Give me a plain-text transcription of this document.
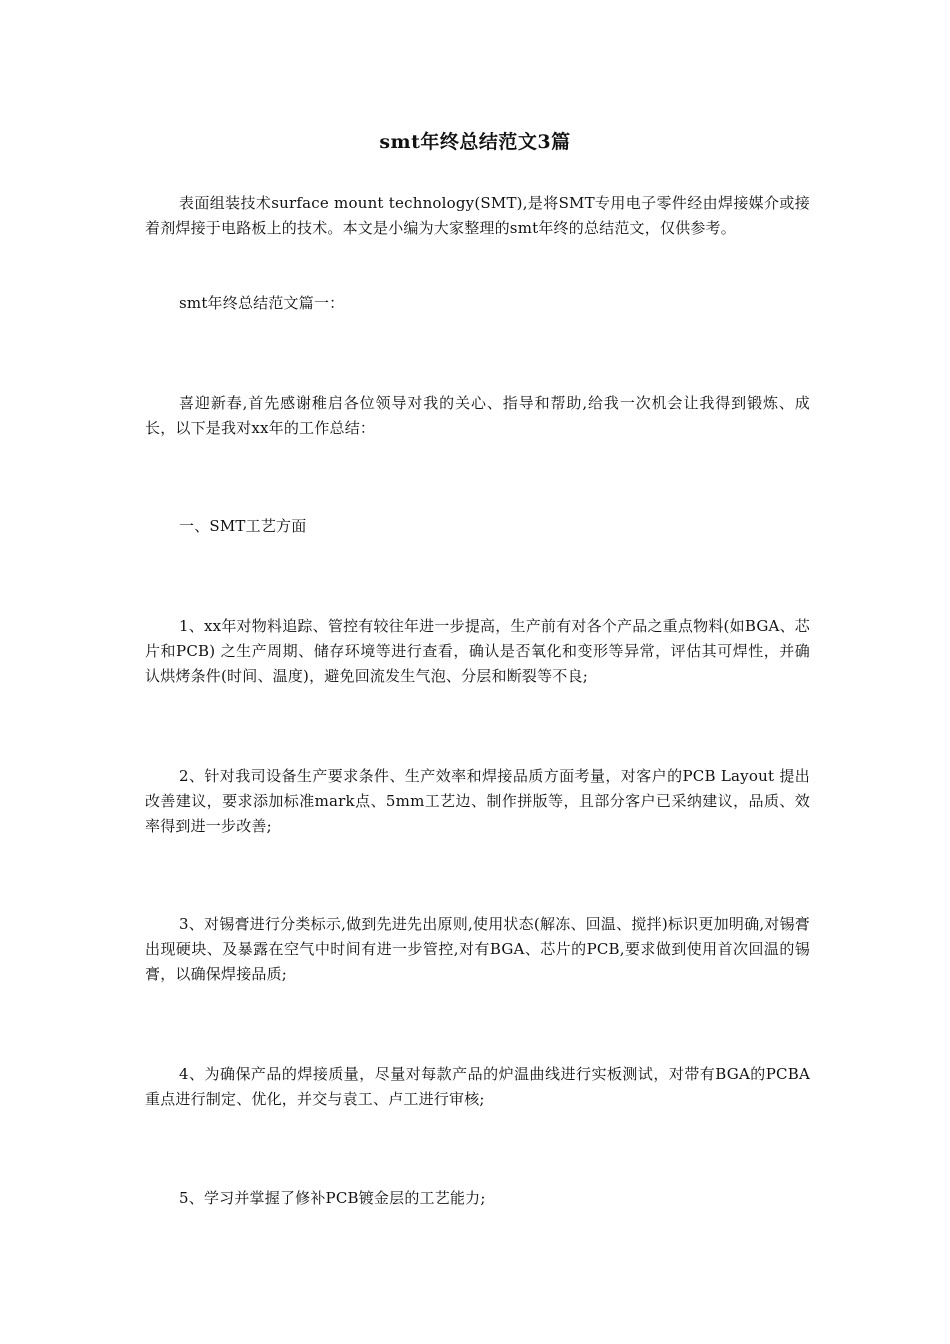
smt年终总结范文3篇
表面组装技术surface mount technology(SMT),是将SMT专用电子零件经由焊接媒介或接着剂焊接于电路板上的技术。本文是小编为大家整理的smt年终的总结范文，仅供参考。
smt年终总结范文篇一：
喜迎新春,首先感谢稚启各位领导对我的关心、指导和帮助,给我一次机会让我得到锻炼、成长，以下是我对xx年的工作总结：
一、SMT工艺方面
1、xx年对物料追踪、管控有较往年进一步提高，生产前有对各个产品之重点物料(如BGA、芯片和PCB) 之生产周期、储存环境等进行查看，确认是否氧化和变形等异常，评估其可焊性，并确认烘烤条件(时间、温度)，避免回流发生气泡、分层和断裂等不良;
2、针对我司设备生产要求条件、生产效率和焊接品质方面考量，对客户的PCB Layout 提出改善建议，要求添加标准mark点、5mm工艺边、制作拼版等，且部分客户已采纳建议，品质、效率得到进一步改善;
3、对锡膏进行分类标示,做到先进先出原则,使用状态(解冻、回温、搅拌)标识更加明确,对锡膏出现硬块、及暴露在空气中时间有进一步管控,对有BGA、芯片的PCB,要求做到使用首次回温的锡膏，以确保焊接品质;
4、为确保产品的焊接质量，尽量对每款产品的炉温曲线进行实板测试，对带有BGA的PCBA重点进行制定、优化，并交与袁工、卢工进行审核;
5、学习并掌握了修补PCB镀金层的工艺能力;
